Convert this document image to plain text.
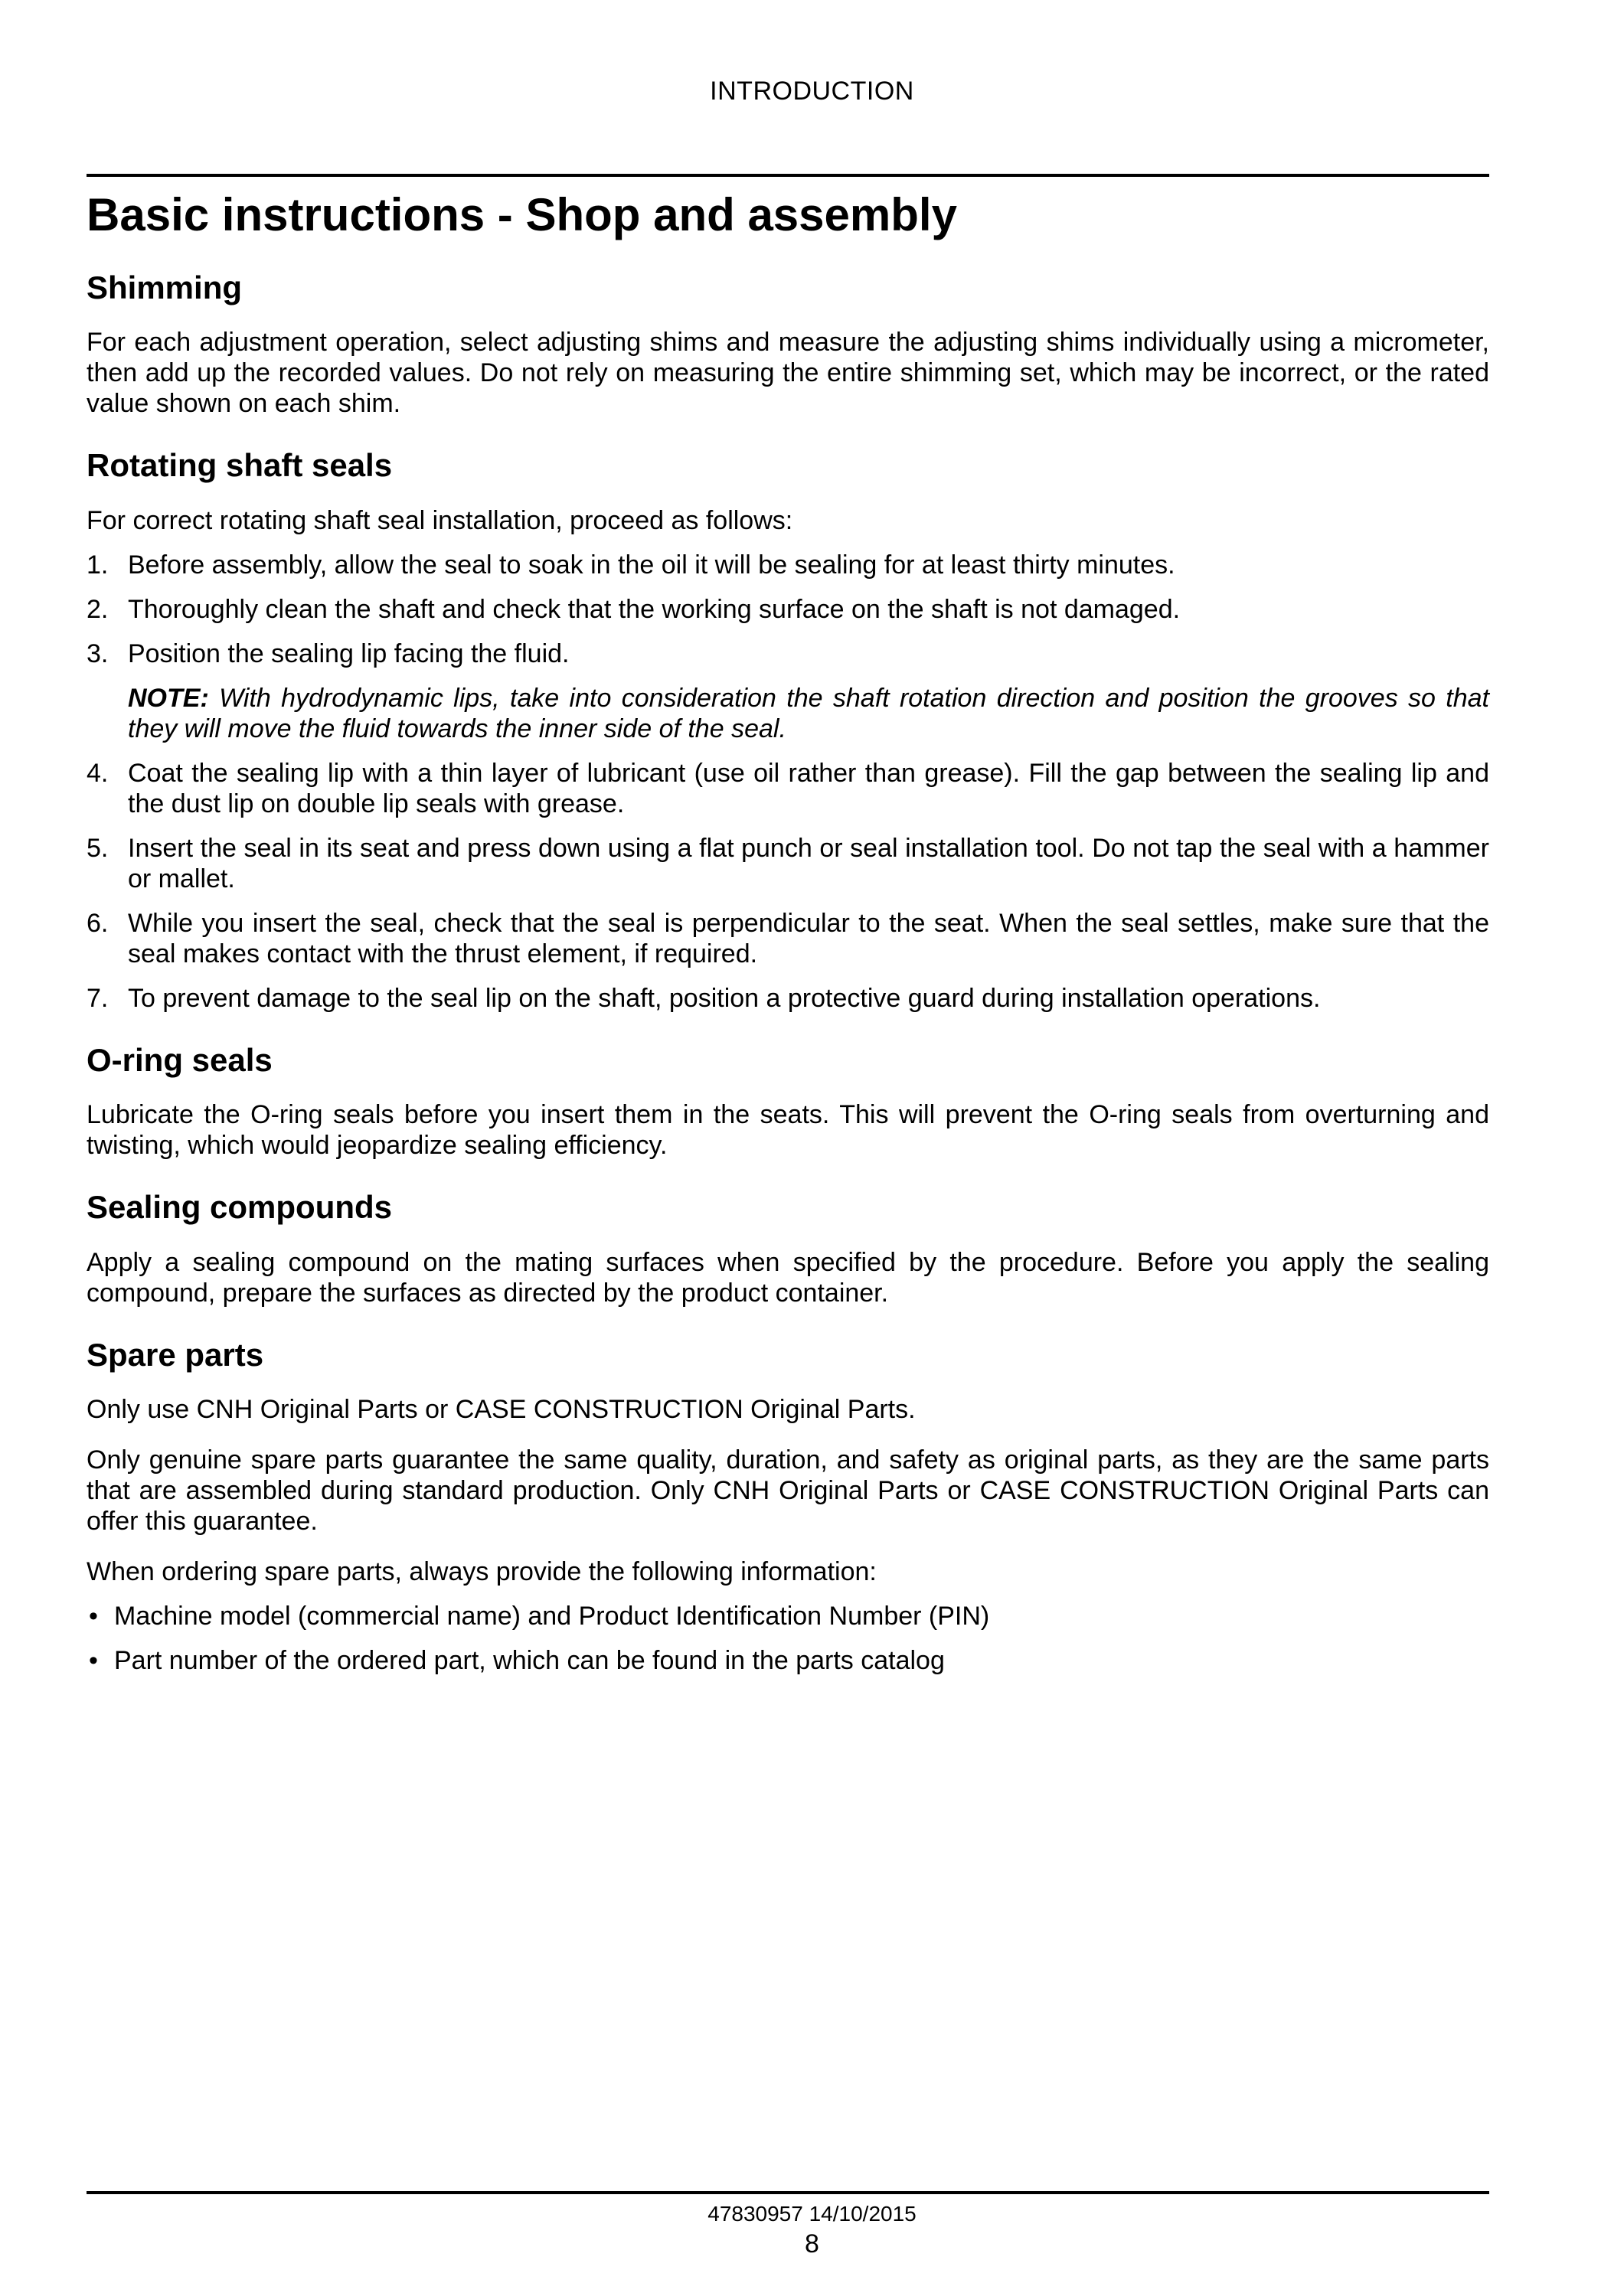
INTRODUCTION
Basic instructions - Shop and assembly
Shimming

For each adjustment operation, select adjusting shims and measure the adjusting shims individually using a micrometer, then add up the recorded values. Do not rely on measuring the entire shimming set, which may be incorrect, or the rated value shown on each shim.

Rotating shaft seals

For correct rotating shaft seal installation, proceed as follows:

1. Before assembly, allow the seal to soak in the oil it will be sealing for at least thirty minutes.
2. Thoroughly clean the shaft and check that the working surface on the shaft is not damaged.
3. Position the sealing lip facing the fluid.
NOTE: With hydrodynamic lips, take into consideration the shaft rotation direction and position the grooves so that they will move the fluid towards the inner side of the seal.
4. Coat the sealing lip with a thin layer of lubricant (use oil rather than grease). Fill the gap between the sealing lip and the dust lip on double lip seals with grease.
5. Insert the seal in its seat and press down using a flat punch or seal installation tool. Do not tap the seal with a hammer or mallet.
6. While you insert the seal, check that the seal is perpendicular to the seat. When the seal settles, make sure that the seal makes contact with the thrust element, if required.
7. To prevent damage to the seal lip on the shaft, position a protective guard during installation operations.
O-ring seals

Lubricate the O-ring seals before you insert them in the seats. This will prevent the O-ring seals from overturning and twisting, which would jeopardize sealing efficiency.

Sealing compounds

Apply a sealing compound on the mating surfaces when specified by the procedure. Before you apply the sealing compound, prepare the surfaces as directed by the product container.

Spare parts

Only use CNH Original Parts or CASE CONSTRUCTION Original Parts.

Only genuine spare parts guarantee the same quality, duration, and safety as original parts, as they are the same parts that are assembled during standard production. Only CNH Original Parts or CASE CONSTRUCTION Original Parts can offer this guarantee.

When ordering spare parts, always provide the following information:

• Machine model (commercial name) and Product Identification Number (PIN)
• Part number of the ordered part, which can be found in the parts catalog
47830957 14/10/2015
8
